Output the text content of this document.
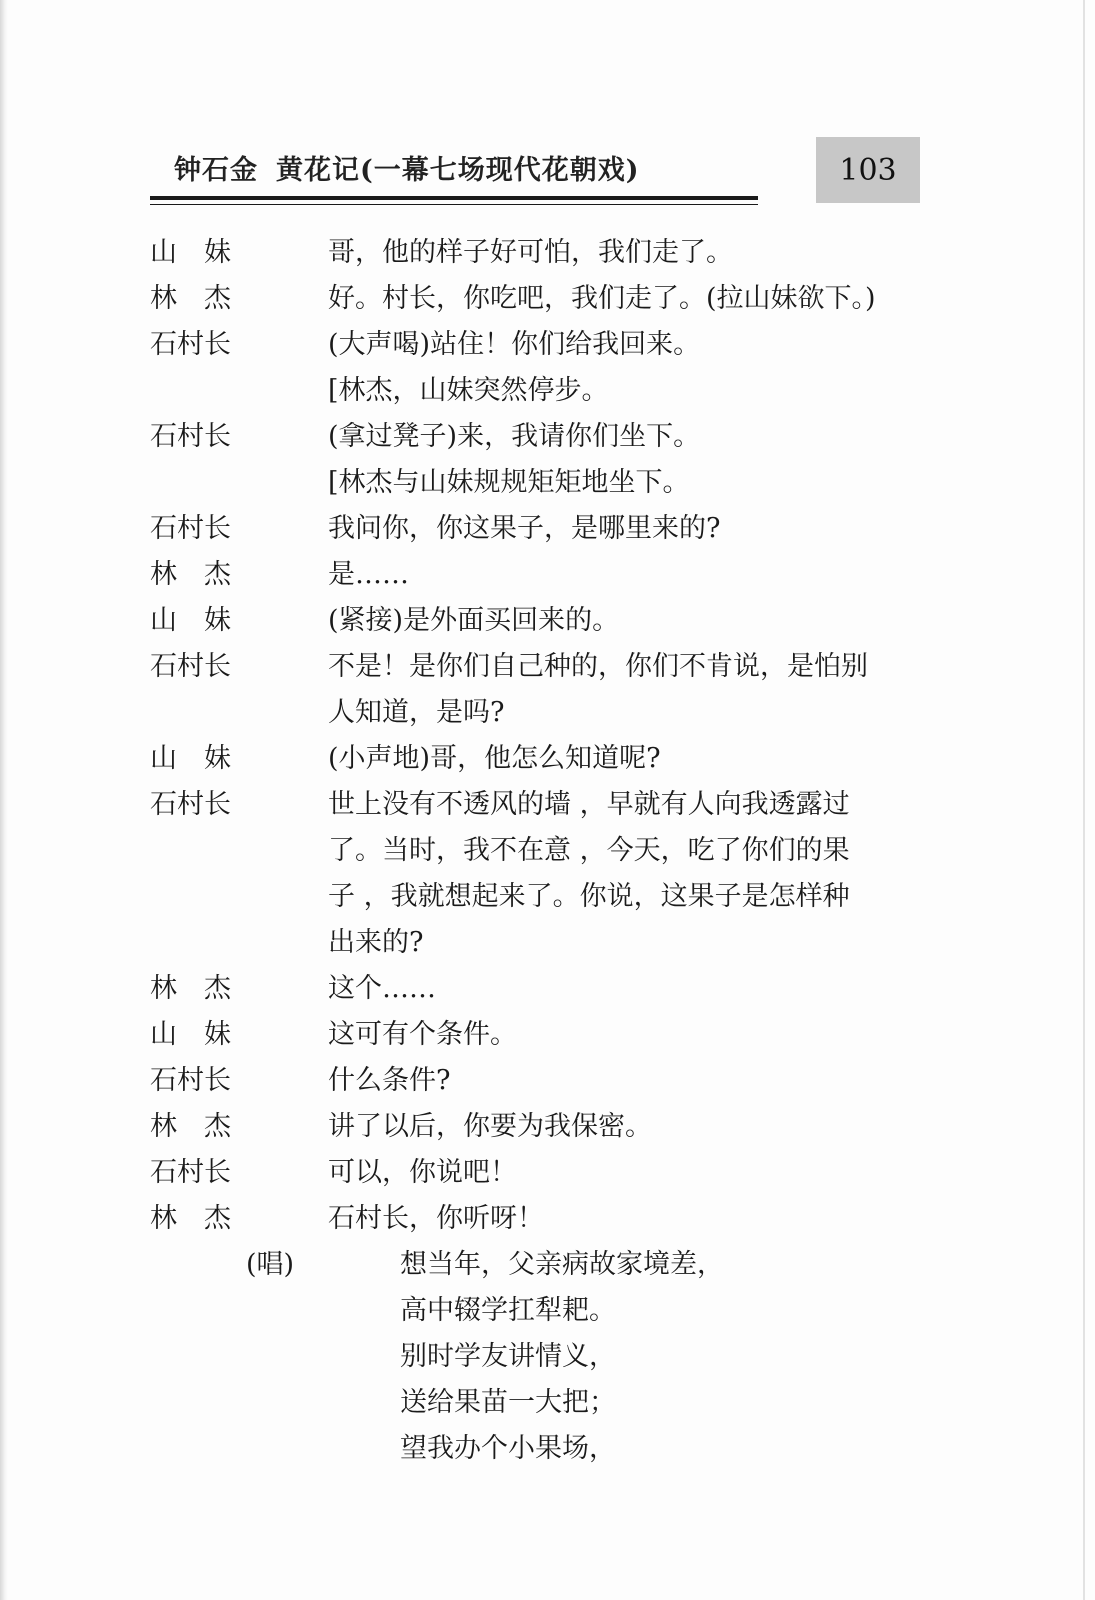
钟石金 黄花记(一幕七场现代花朝戏)	103
山 妹	哥，他的样子好可怕，我们走了。
林 杰	好。村长，你吃吧，我们走了。(拉山妹欲下。)
石村长	(大声喝)站住！你们给我回来。
[林杰，山妹突然停步。
石村长	(拿过凳子)来，我请你们坐下。
[林杰与山妹规规矩矩地坐下。
石村长	我问你，你这果子，是哪里来的?
林 杰	是……
山 妹	(紧接)是外面买回来的。
石村长	不是！是你们自己种的，你们不肯说，是怕别
人知道，是吗?
山 妹	(小声地)哥，他怎么知道呢?
石村长	世上没有不透风的墙 ，早就有人向我透露过
了。当时，我不在意 ，今天，吃了你们的果
子 ，我就想起来了。你说，这果子是怎样种
出来的?
林 杰	这个……
山 妹	这可有个条件。
石村长	什么条件?
林 杰	讲了以后，你要为我保密。
石村长	可以，你说吧！
林 杰	石村长，你听呀！
(唱)	想当年，父亲病故家境差，
高中辍学扛犁耙。
别时学友讲情义，
送给果苗一大把；
望我办个小果场，
